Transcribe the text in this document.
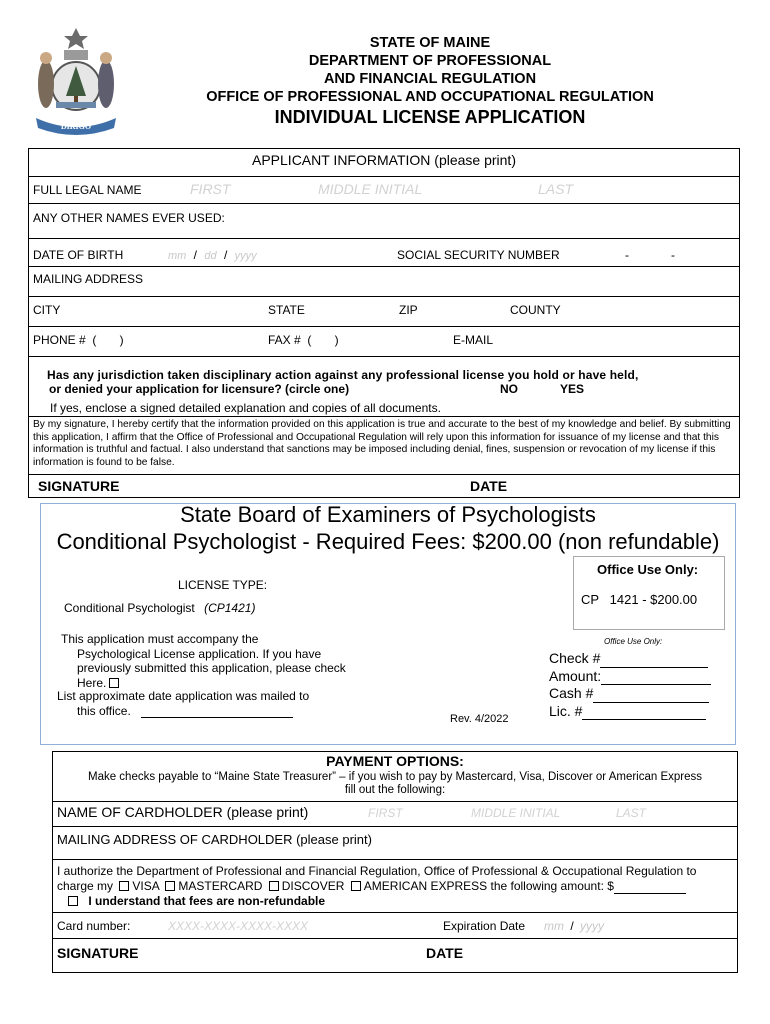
DIRIGO
STATE OF MAINE
DEPARTMENT OF PROFESSIONAL
AND FINANCIAL REGULATION
OFFICE OF PROFESSIONAL AND OCCUPATIONAL REGULATION
INDIVIDUAL LICENSE APPLICATION
APPLICANT INFORMATION (please print)
FULL LEGAL NAME	FIRST	MIDDLE INITIAL	LAST
ANY OTHER NAMES EVER USED:
DATE OF BIRTH	mm / dd / yyyy	SOCIAL SECURITY NUMBER	-	-
MAILING ADDRESS
CITY	STATE	ZIP	COUNTY
PHONE #  (       )	FAX #  (       )	E-MAIL
Has any jurisdiction taken disciplinary action against any professional license you hold or have held,
or denied your application for licensure? (circle one)	NO	YES
If yes, enclose a signed detailed explanation and copies of all documents.
By my signature, I hereby certify that the information provided on this application is true and accurate to the best of my knowledge and belief. By submitting this application, I affirm that the Office of Professional and Occupational Regulation will rely upon this information for issuance of my license and that this information is truthful and factual. I also understand that sanctions may be imposed including denial, fines, suspension or revocation of my license if this information is found to be false.
SIGNATURE	DATE
State Board of Examiners of Psychologists
Conditional Psychologist - Required Fees: $200.00 (non refundable)
Office Use Only:
CP   1421 - $200.00
LICENSE TYPE:
Conditional Psychologist (CP1421)
This application must accompany the
Psychological License application. If you have
previously submitted this application, please check
Here.
List approximate date application was mailed to
this office.
Office Use Only:
Check #
Amount:
Cash #
Lic. #
Rev. 4/2022
PAYMENT OPTIONS:
Make checks payable to “Maine State Treasurer” – if you wish to pay by Mastercard, Visa, Discover or American Express
fill out the following:
NAME OF CARDHOLDER (please print)	FIRST	MIDDLE INITIAL	LAST
MAILING ADDRESS OF CARDHOLDER (please print)
I authorize the Department of Professional and Financial Regulation, Office of Professional & Occupational Regulation to
charge my VISA MASTERCARD DISCOVER AMERICAN EXPRESS the following amount: $
I understand that fees are non-refundable
Card number:	XXXX-XXXX-XXXX-XXXX	Expiration Date mm / yyyy
SIGNATURE	DATE
